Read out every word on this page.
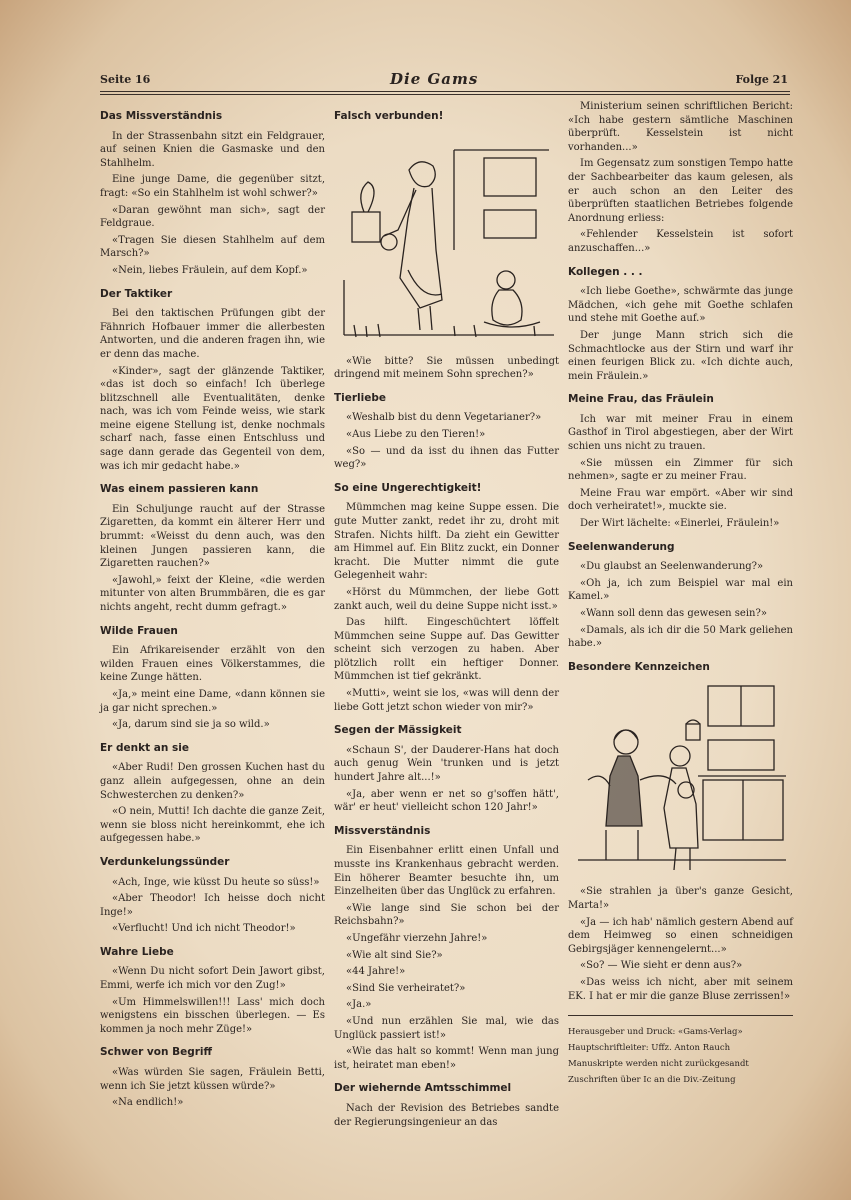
Seite 16	Die Gams	Folge 21
Das Missverständnis

In der Strassenbahn sitzt ein Feldgrauer, auf seinen Knien die Gasmaske und den Stahlhelm.

Eine junge Dame, die gegenüber sitzt, fragt: «So ein Stahlhelm ist wohl schwer?»

«Daran gewöhnt man sich», sagt der Feldgraue.

«Tragen Sie diesen Stahlhelm auf dem Marsch?»

«Nein, liebes Fräulein, auf dem Kopf.»

Der Taktiker

Bei den taktischen Prüfungen gibt der Fähnrich Hofbauer immer die allerbesten Antworten, und die anderen fragen ihn, wie er denn das mache.

«Kinder», sagt der glänzende Taktiker, «das ist doch so einfach! Ich überlege blitzschnell alle Eventualitäten, denke nach, was ich vom Feinde weiss, wie stark meine eigene Stellung ist, denke nochmals scharf nach, fasse einen Entschluss und sage dann gerade das Gegenteil von dem, was ich mir gedacht habe.»

Was einem passieren kann

Ein Schuljunge raucht auf der Strasse Zigaretten, da kommt ein älterer Herr und brummt: «Weisst du denn auch, was den kleinen Jungen passieren kann, die Zigaretten rauchen?»

«Jawohl,» feixt der Kleine, «die werden mitunter von alten Brummbären, die es gar nichts angeht, recht dumm gefragt.»

Wilde Frauen

Ein Afrikareisender erzählt von den wilden Frauen eines Völkerstammes, die keine Zunge hätten.

«Ja,» meint eine Dame, «dann können sie ja gar nicht sprechen.»

«Ja, darum sind sie ja so wild.»

Er denkt an sie

«Aber Rudi! Den grossen Kuchen hast du ganz allein aufgegessen, ohne an dein Schwesterchen zu denken?»

«O nein, Mutti! Ich dachte die ganze Zeit, wenn sie bloss nicht hereinkommt, ehe ich aufgegessen habe.»

Verdunkelungssünder

«Ach, Inge, wie küsst Du heute so süss!»

«Aber Theodor! Ich heisse doch nicht Inge!»

«Verflucht! Und ich nicht Theodor!»

Wahre Liebe

«Wenn Du nicht sofort Dein Jawort gibst, Emmi, werfe ich mich vor den Zug!»

«Um Himmelswillen!!! Lass' mich doch wenigstens ein bisschen überlegen. — Es kommen ja noch mehr Züge!»

Schwer von Begriff

«Was würden Sie sagen, Fräulein Betti, wenn ich Sie jetzt küssen würde?»

«Na endlich!»

Falsch verbunden!

«Wie bitte? Sie müssen unbedingt dringend mit meinem Sohn sprechen?»

Tierliebe

«Weshalb bist du denn Vegetarianer?»

«Aus Liebe zu den Tieren!»

«So — und da isst du ihnen das Futter weg?»

So eine Ungerechtigkeit!

Mümmchen mag keine Suppe essen. Die gute Mutter zankt, redet ihr zu, droht mit Strafen. Nichts hilft. Da zieht ein Gewitter am Himmel auf. Ein Blitz zuckt, ein Donner kracht. Die Mutter nimmt die gute Gelegenheit wahr:

«Hörst du Mümmchen, der liebe Gott zankt auch, weil du deine Suppe nicht isst.»

Das hilft. Eingeschüchtert löffelt Mümmchen seine Suppe auf. Das Gewitter scheint sich verzogen zu haben. Aber plötzlich rollt ein heftiger Donner. Mümmchen ist tief gekränkt.

«Mutti», weint sie los, «was will denn der liebe Gott jetzt schon wieder von mir?»

Segen der Mässigkeit

«Schaun S', der Dauderer-Hans hat doch auch genug Wein 'trunken und is jetzt hundert Jahre alt...!»

«Ja, aber wenn er net so g'soffen hätt', wär' er heut' vielleicht schon 120 Jahr!»

Missverständnis

Ein Eisenbahner erlitt einen Unfall und musste ins Krankenhaus gebracht werden. Ein höherer Beamter besuchte ihn, um Einzelheiten über das Unglück zu erfahren.

«Wie lange sind Sie schon bei der Reichsbahn?»

«Ungefähr vierzehn Jahre!»

«Wie alt sind Sie?»

«44 Jahre!»

«Sind Sie verheiratet?»

«Ja.»

«Und nun erzählen Sie mal, wie das Unglück passiert ist!»

«Wie das halt so kommt! Wenn man jung ist, heiratet man eben!»

Der wiehernde Amtsschimmel

Nach der Revision des Betriebes sandte der Regierungsingenieur an das

Ministerium seinen schriftlichen Bericht: «Ich habe gestern sämtliche Maschinen überprüft. Kesselstein ist nicht vorhanden...»

Im Gegensatz zum sonstigen Tempo hatte der Sachbearbeiter das kaum gelesen, als er auch schon an den Leiter des überprüften staatlichen Betriebes folgende Anordnung erliess:

«Fehlender Kesselstein ist sofort anzuschaffen...»

Kollegen . . .

«Ich liebe Goethe», schwärmte das junge Mädchen, «ich gehe mit Goethe schlafen und stehe mit Goethe auf.»

Der junge Mann strich sich die Schmachtlocke aus der Stirn und warf ihr einen feurigen Blick zu. «Ich dichte auch, mein Fräulein.»

Meine Frau, das Fräulein

Ich war mit meiner Frau in einem Gasthof in Tirol abgestiegen, aber der Wirt schien uns nicht zu trauen.

«Sie müssen ein Zimmer für sich nehmen», sagte er zu meiner Frau.

Meine Frau war empört. «Aber wir sind doch verheiratet!», muckte sie.

Der Wirt lächelte: «Einerlei, Fräulein!»

Seelenwanderung

«Du glaubst an Seelenwanderung?»

«Oh ja, ich zum Beispiel war mal ein Kamel.»

«Wann soll denn das gewesen sein?»

«Damals, als ich dir die 50 Mark geliehen habe.»

Besondere Kennzeichen

«Sie strahlen ja über's ganze Gesicht, Marta!»

«Ja — ich hab' nämlich gestern Abend auf dem Heimweg so einen schneidigen Gebirgsjäger kennengelernt...»

«So? — Wie sieht er denn aus?»

«Das weiss ich nicht, aber mit seinem EK. I hat er mir die ganze Bluse zerrissen!»

Herausgeber und Druck: «Gams-Verlag»
Hauptschriftleiter: Uffz. Anton Rauch
Manuskripte werden nicht zurückgesandt
Zuschriften über Ic an die Div.-Zeitung
